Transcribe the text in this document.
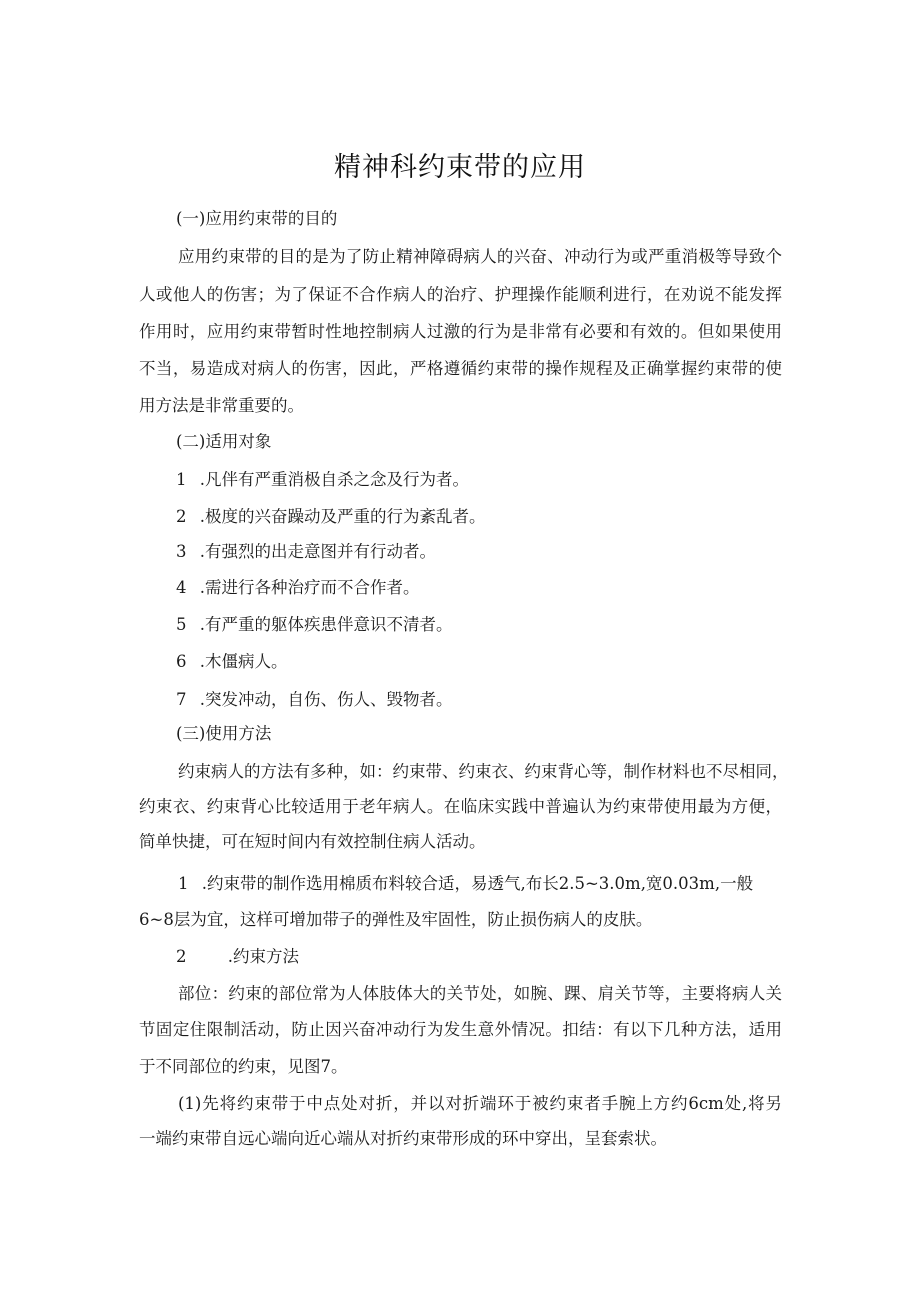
精神科约束带的应用
(一)应用约束带的目的
应用约束带的目的是为了防止精神障碍病人的兴奋、冲动行为或严重消极等导致个
人或他人的伤害；为了保证不合作病人的治疗、护理操作能顺利进行，在劝说不能发挥
作用时，应用约束带暂时性地控制病人过激的行为是非常有必要和有效的。但如果使用
不当，易造成对病人的伤害，因此，严格遵循约束带的操作规程及正确掌握约束带的使
用方法是非常重要的。
(二)适用对象
1 .凡伴有严重消极自杀之念及行为者。
2 .极度的兴奋躁动及严重的行为紊乱者。
3 .有强烈的出走意图并有行动者。
4 .需进行各种治疗而不合作者。
5 .有严重的躯体疾患伴意识不清者。
6 .木僵病人。
7 .突发冲动，自伤、伤人、毁物者。
(三)使用方法
约束病人的方法有多种，如：约束带、约束衣、约束背心等，制作材料也不尽相同，
约束衣、约束背心比较适用于老年病人。在临床实践中普遍认为约束带使用最为方便，
简单快捷，可在短时间内有效控制住病人活动。
1 .约束带的制作选用棉质布料较合适，易透气,布长2.5~3.0m,宽0.03m,一般
6~8层为宜，这样可增加带子的弹性及牢固性，防止损伤病人的皮肤。
2	.约束方法
部位：约束的部位常为人体肢体大的关节处，如腕、踝、肩关节等，主要将病人关
节固定住限制活动，防止因兴奋冲动行为发生意外情况。扣结：有以下几种方法，适用
于不同部位的约束，见图7。
(1)先将约束带于中点处对折，并以对折端环于被约束者手腕上方约6cm处,将另
一端约束带自远心端向近心端从对折约束带形成的环中穿出，呈套索状。
